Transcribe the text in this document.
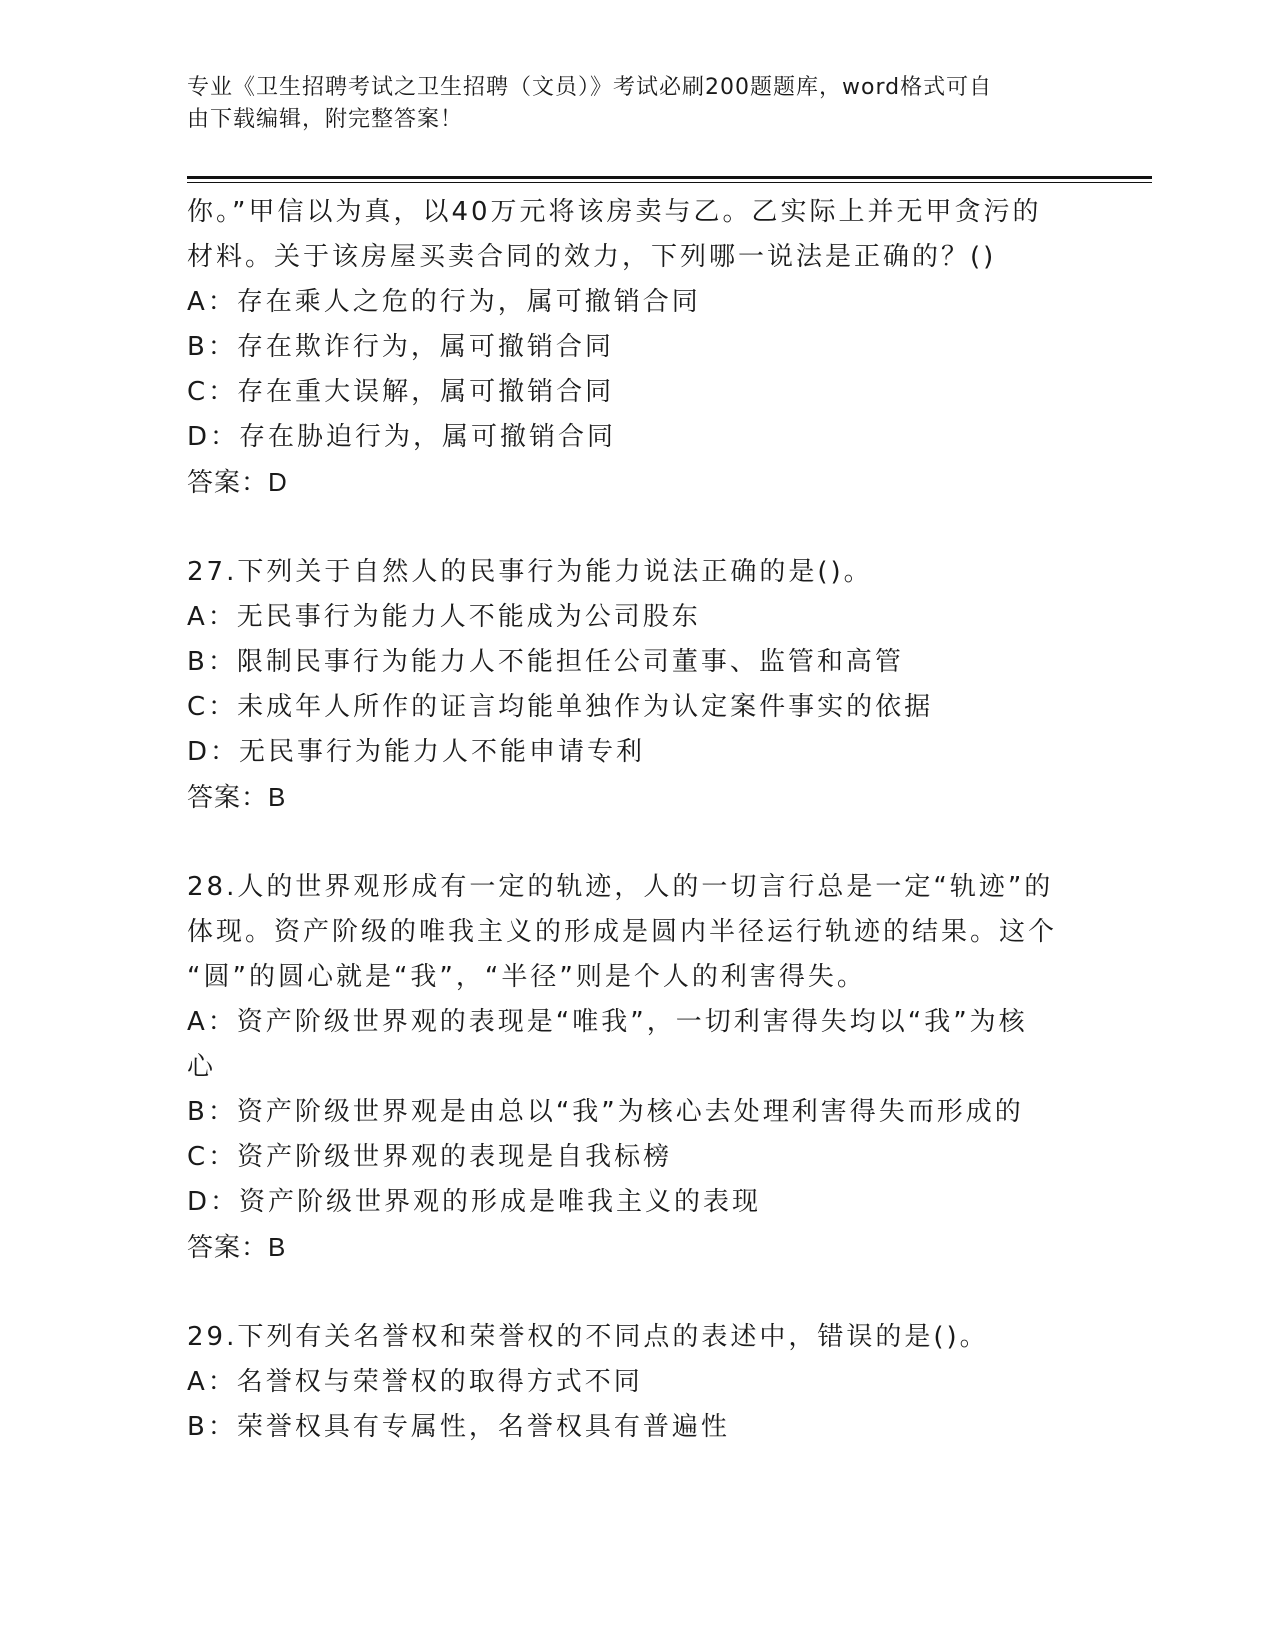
专业《卫生招聘考试之卫生招聘（文员）》考试必刷200题题库，word格式可自
由下载编辑，附完整答案！
你。”甲信以为真，以40万元将该房卖与乙。乙实际上并无甲贪污的
材料。关于该房屋买卖合同的效力，下列哪一说法是正确的？()
A：存在乘人之危的行为，属可撤销合同
B：存在欺诈行为，属可撤销合同
C：存在重大误解，属可撤销合同
D：存在胁迫行为，属可撤销合同
答案：D
27.下列关于自然人的民事行为能力说法正确的是()。
A：无民事行为能力人不能成为公司股东
B：限制民事行为能力人不能担任公司董事、监管和高管
C：未成年人所作的证言均能单独作为认定案件事实的依据
D：无民事行为能力人不能申请专利
答案：B
28.人的世界观形成有一定的轨迹，人的一切言行总是一定“轨迹”的
体现。资产阶级的唯我主义的形成是圆内半径运行轨迹的结果。这个
“圆”的圆心就是“我”，“半径”则是个人的利害得失。
A：资产阶级世界观的表现是“唯我”，一切利害得失均以“我”为核
心
B：资产阶级世界观是由总以“我”为核心去处理利害得失而形成的
C：资产阶级世界观的表现是自我标榜
D：资产阶级世界观的形成是唯我主义的表现
答案：B
29.下列有关名誉权和荣誉权的不同点的表述中，错误的是()。
A：名誉权与荣誉权的取得方式不同
B：荣誉权具有专属性，名誉权具有普遍性
